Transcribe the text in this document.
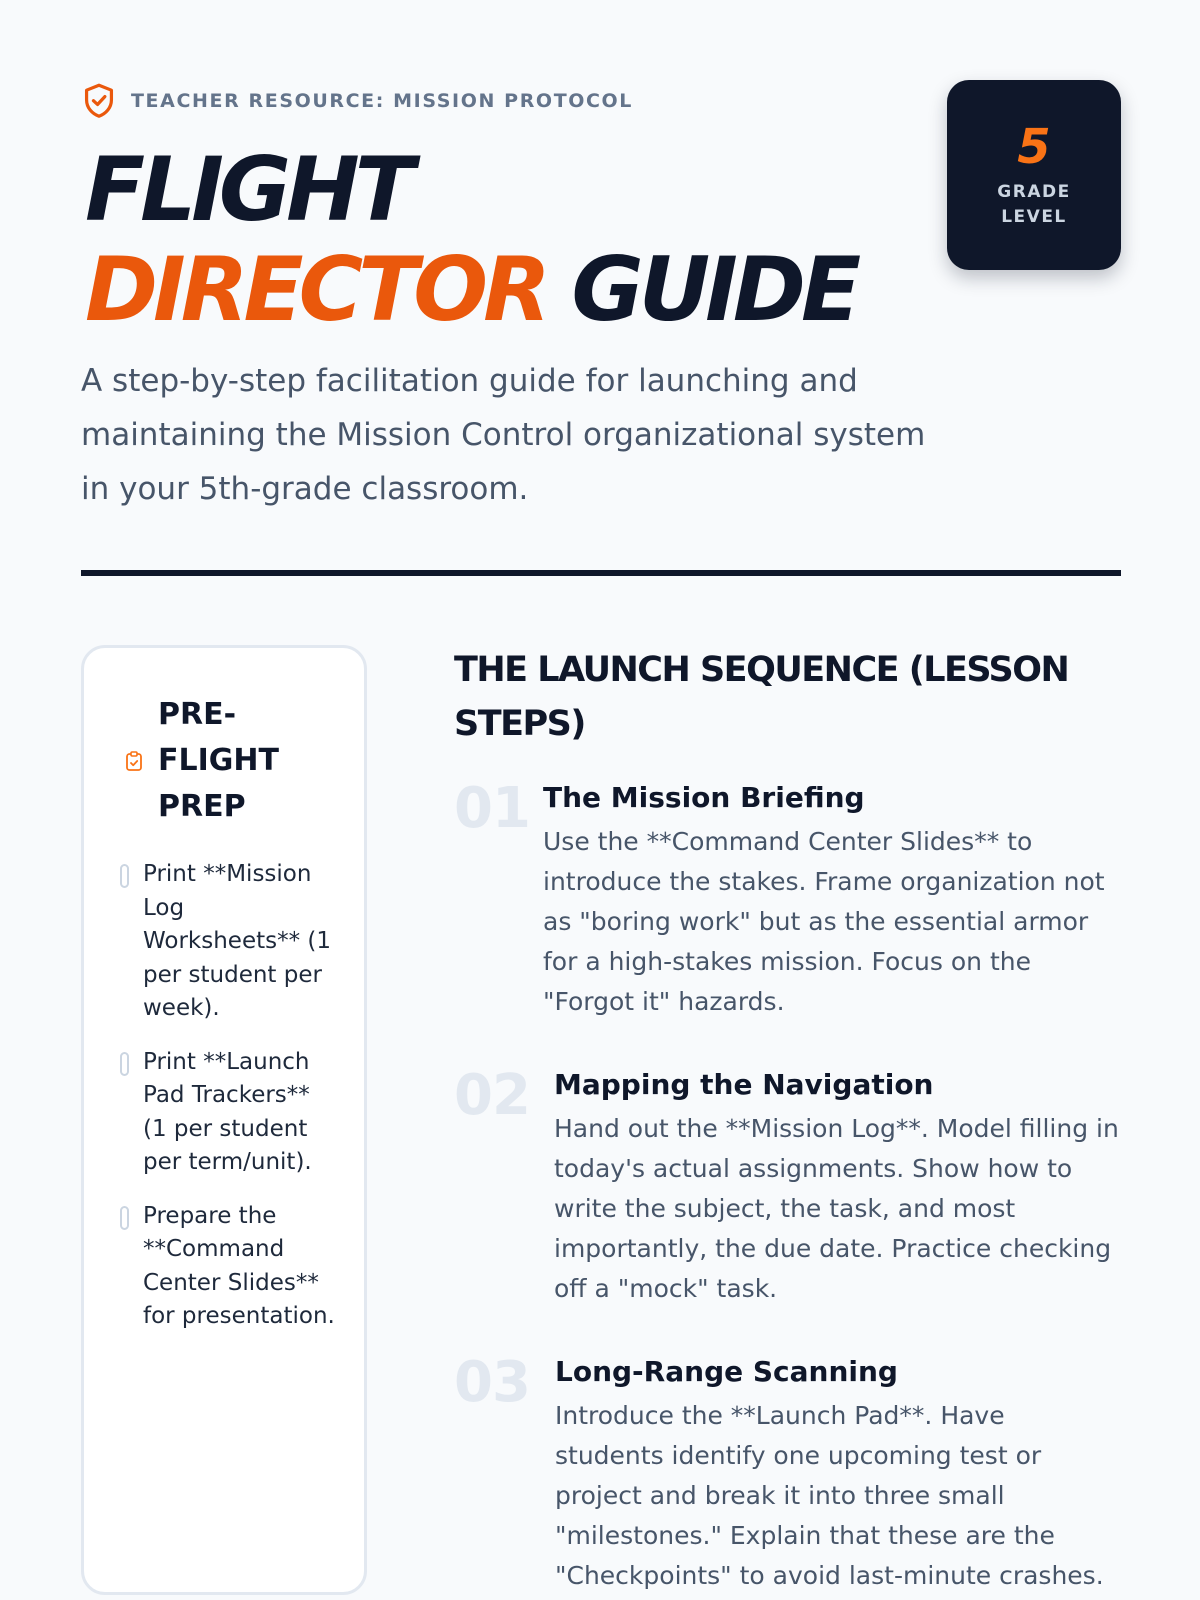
TEACHER RESOURCE: MISSION PROTOCOL
FLIGHT
DIRECTOR GUIDE
5
GRADE LEVEL

A step-by-step facilitation guide for launching and maintaining the Mission Control organizational system in your 5th-grade classroom.

PRE-FLIGHT PREP
Print **Mission Log Worksheets** (1 per student per week).
Print **Launch Pad Trackers** (1 per student per term/unit).
Prepare the **Command Center Slides** for presentation.
THE LAUNCH SEQUENCE (LESSON STEPS)
01 The Mission Briefing

Use the **Command Center Slides** to introduce the stakes. Frame organization not as "boring work" but as the essential armor for a high-stakes mission. Focus on the "Forgot it" hazards.

02 Mapping the Navigation

Hand out the **Mission Log**. Model filling in today's actual assignments. Show how to write the subject, the task, and most importantly, the due date. Practice checking off a "mock" task.

03 Long-Range Scanning

Introduce the **Launch Pad**. Have students identify one upcoming test or project and break it into three small "milestones." Explain that these are the "Checkpoints" to avoid last-minute crashes.
